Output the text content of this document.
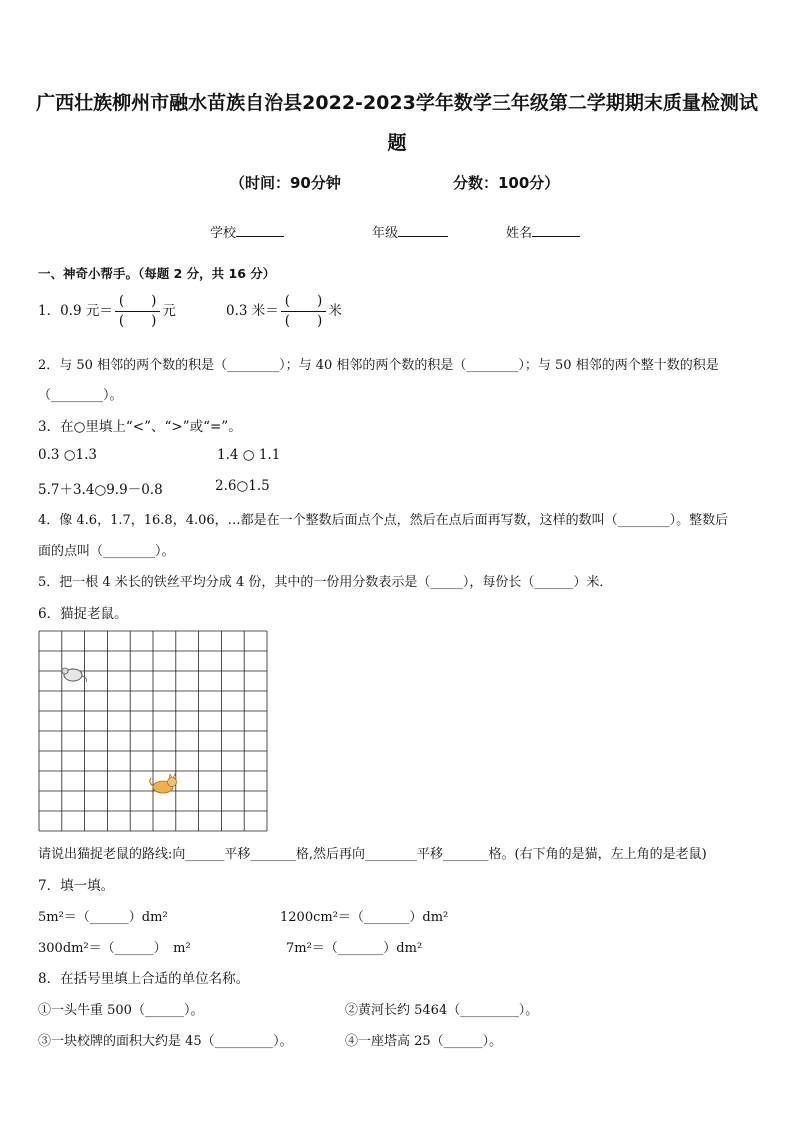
广西壮族柳州市融水苗族自治县2022-2023学年数学三年级第二学期期末质量检测试
题
（时间：90分钟	分数：100分）
学校	年级	姓名
一、神奇小帮手。（每题 2 分，共 16 分）
1．0.9 元＝ $\frac{( )}{( )}$ 元	0.3 米＝ $\frac{( )}{( )}$ 米
2．与 50 相邻的两个数的积是（________）；与 40 相邻的两个数的积是（________）；与 50 相邻的两个整十数的积是
（________）。
3．在○里填上“<”、“>”或“=”。
0.3 ○1.3	1.4 ○ 1.1
5.7＋3.4○9.9－0.8	2.6○1.5
4．像 4.6，1.7，16.8，4.06，…都是在一个整数后面点个点，然后在点后面再写数，这样的数叫（________）。整数后
面的点叫（________）。
5．把一根 4 米长的铁丝平均分成 4 份，其中的一份用分数表示是（_____），每份长（______）米．
6．猫捉老鼠。
请说出猫捉老鼠的路线:向______平移_______格,然后再向________平移_______格。(右下角的是猫，左上角的是老鼠)
7．填一填。
5m²＝（______）dm²	1200cm²＝（_______）dm²
300dm²＝（______）　m²	7m²＝（_______）dm²
8．在括号里填上合适的单位名称。
①一头牛重 500（______）。	②黄河长约 5464（_________）。
③一块校牌的面积大约是 45（_________）。	④一座塔高 25（______）。
